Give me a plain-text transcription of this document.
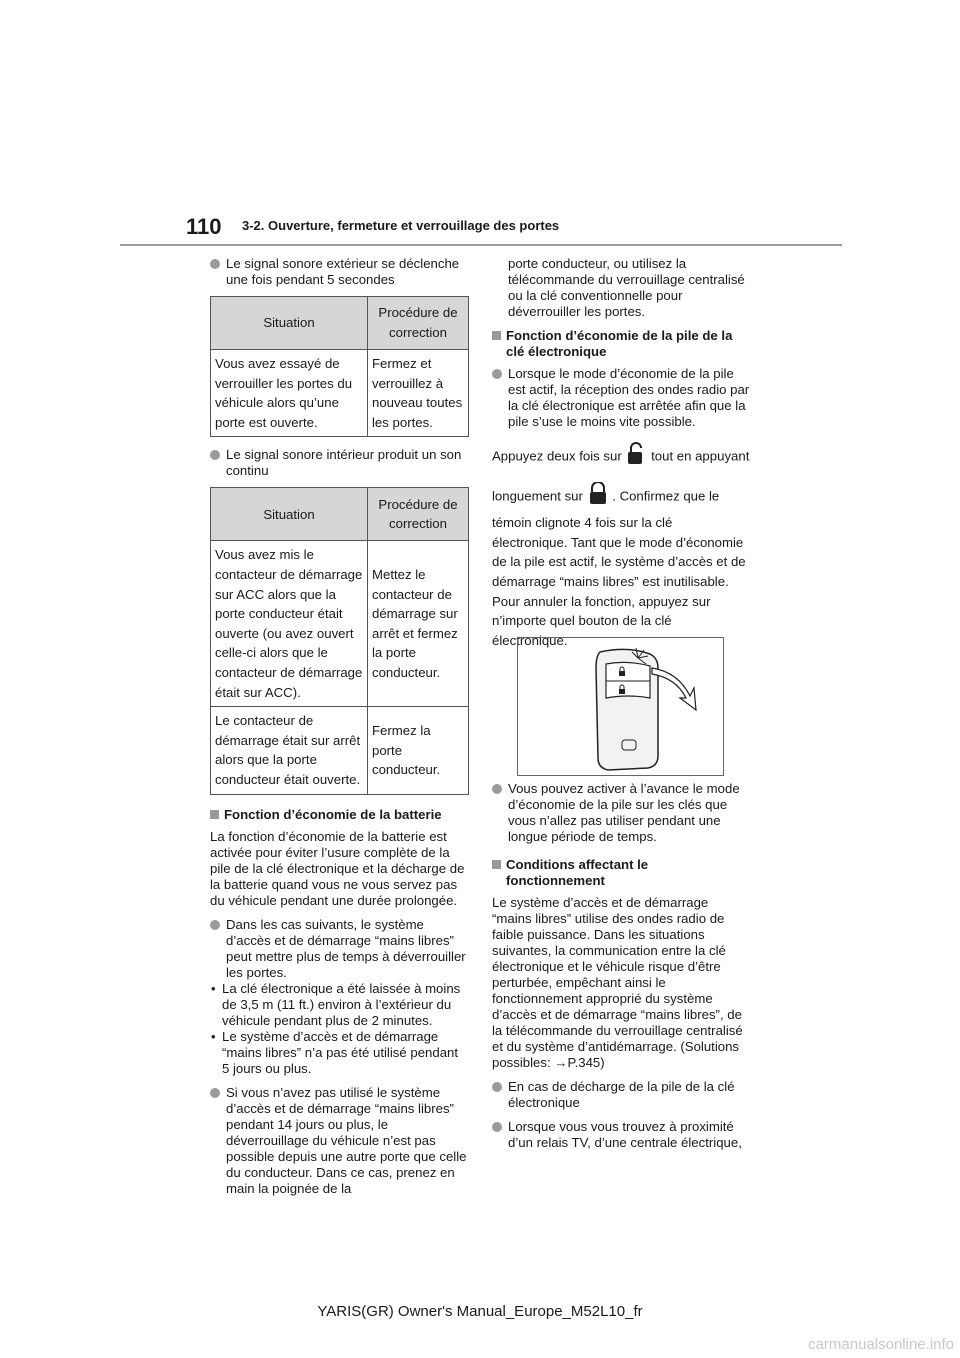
110 3-2. Ouverture, fermeture et verrouillage des portes
Le signal sonore extérieur se déclenche une fois pendant 5 secondes
Situation	Procédure de correction
Vous avez essayé de verrouiller les portes du véhicule alors qu’une porte est ouverte.	Fermez et verrouillez à nouveau toutes les portes.
Le signal sonore intérieur produit un son continu
Situation	Procédure de correction
Vous avez mis le contacteur de démarrage sur ACC alors que la porte conducteur était ouverte (ou avez ouvert celle-ci alors que le contacteur de démarrage était sur ACC).	Mettez le contacteur de démarrage sur arrêt et fermez la porte conducteur.
Le contacteur de démarrage était sur arrêt alors que la porte conducteur était ouverte.	Fermez la porte conducteur.
Fonction d’économie de la batterie

La fonction d’économie de la batterie est activée pour éviter l’usure complète de la pile de la clé électronique et la décharge de la batterie quand vous ne vous servez pas du véhicule pendant une durée prolongée.

Dans les cas suivants, le système d’accès et de démarrage “mains libres” peut mettre plus de temps à déverrouiller les portes.
• La clé électronique a été laissée à moins de 3,5 m (11 ft.) environ à l’extérieur du véhicule pendant plus de 2 minutes.
• Le système d’accès et de démarrage “mains libres” n’a pas été utilisé pendant 5 jours ou plus.
Si vous n’avez pas utilisé le système d’accès et de démarrage “mains libres” pendant 14 jours ou plus, le déverrouillage du véhicule n’est pas possible depuis une autre porte que celle du conducteur. Dans ce cas, prenez en main la poignée de la

porte conducteur, ou utilisez la télécommande du verrouillage centralisé ou la clé conventionnelle pour déverrouiller les portes.

Fonction d’économie de la pile de la clé électronique
Lorsque le mode d’économie de la pile est actif, la réception des ondes radio par la clé électronique est arrêtée afin que la pile s’use le moins vite possible.
Appuyez deux fois sur tout en appuyant
longuement sur . Confirmez que le

témoin clignote 4 fois sur la clé électronique. Tant que le mode d’économie de la pile est actif, le système d’accès et de démarrage “mains libres” est inutilisable. Pour annuler la fonction, appuyez sur n’importe quel bouton de la clé électronique.

Vous pouvez activer à l’avance le mode d’économie de la pile sur les clés que vous n’allez pas utiliser pendant une longue période de temps.
Conditions affectant le fonctionnement

Le système d’accès et de démarrage “mains libres” utilise des ondes radio de faible puissance. Dans les situations suivantes, la communication entre la clé électronique et le véhicule risque d’être perturbée, empêchant ainsi le fonctionnement approprié du système d’accès et de démarrage “mains libres”, de la télécommande du verrouillage centralisé et du système d’antidémarrage. (Solutions possibles: →P.345)

En cas de décharge de la pile de la clé électronique
Lorsque vous vous trouvez à proximité d’un relais TV, d’une centrale électrique,
YARIS(GR) Owner's Manual_Europe_M52L10_fr
carmanualsonline.info
